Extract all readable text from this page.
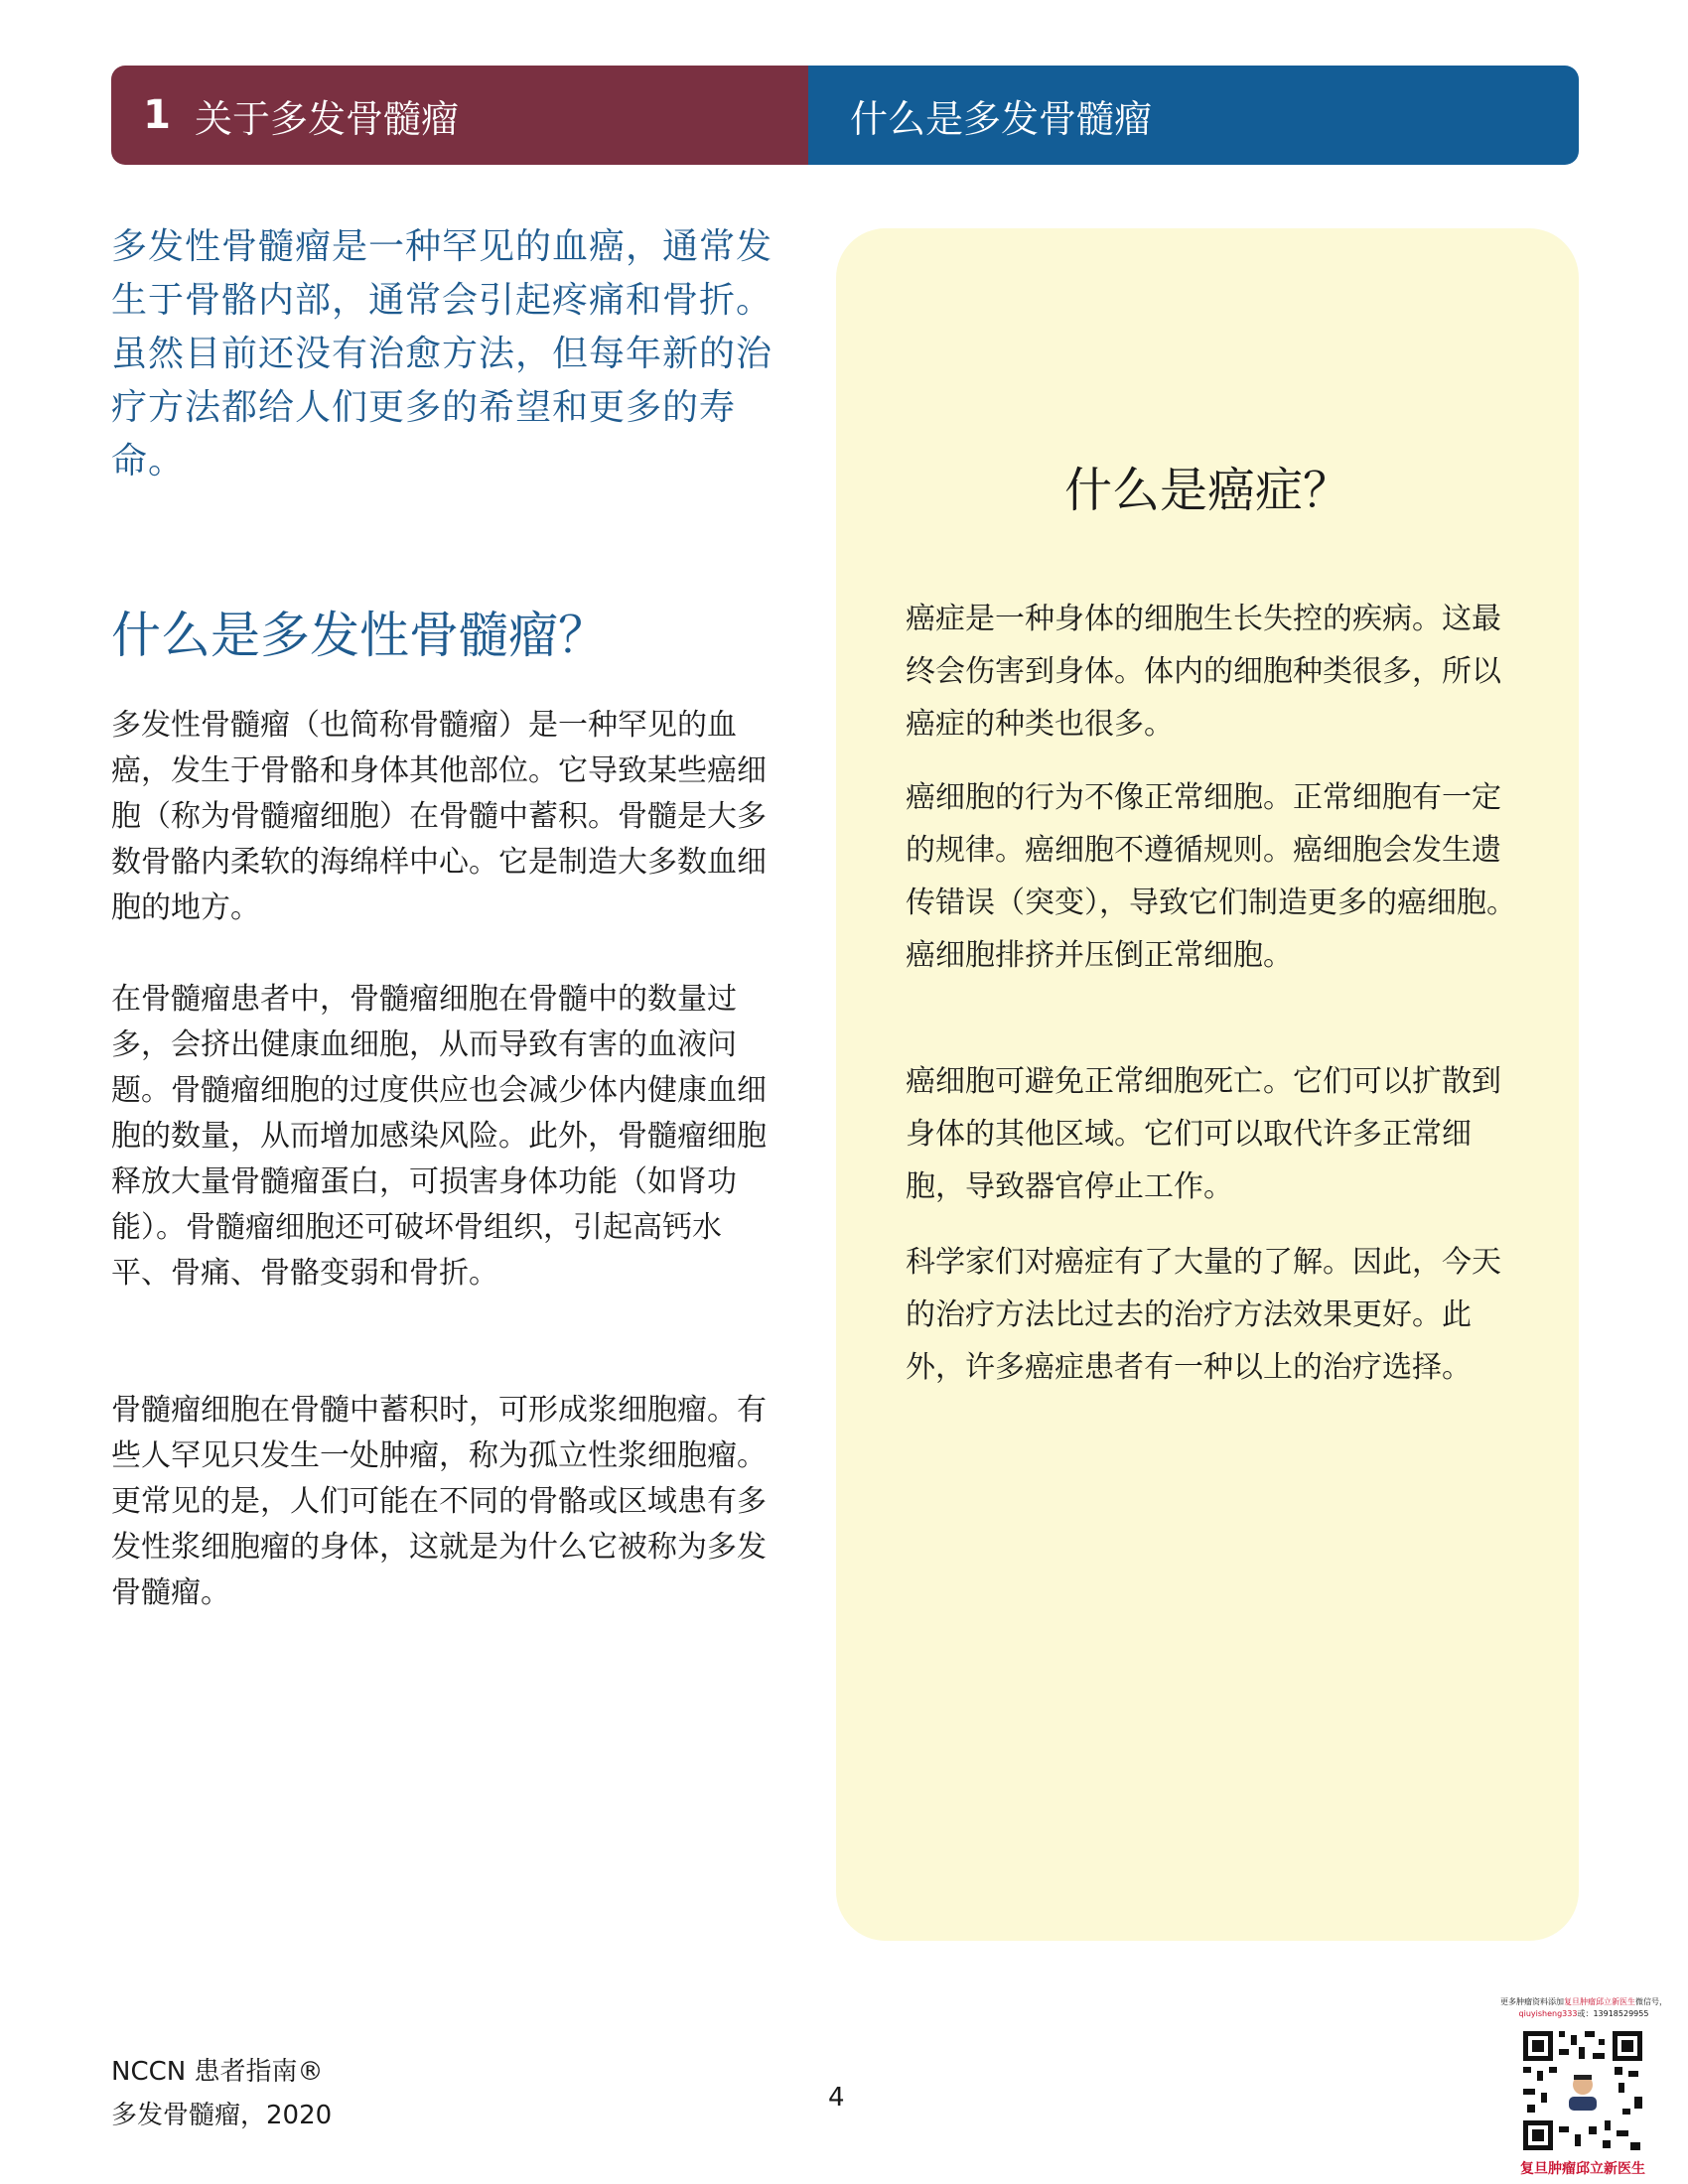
1 关于多发骨髓瘤	什么是多发骨髓瘤

多发性骨髓瘤是一种罕见的血癌，通常发生于骨骼内部，通常会引起疼痛和骨折。虽然目前还没有治愈方法，但每年新的治疗方法都给人们更多的希望和更多的寿命。

什么是多发性骨髓瘤？

多发性骨髓瘤（也简称骨髓瘤）是一种罕见的血癌，发生于骨骼和身体其他部位。它导致某些癌细胞（称为骨髓瘤细胞）在骨髓中蓄积。骨髓是大多数骨骼内柔软的海绵样中心。它是制造大多数血细胞的地方。

在骨髓瘤患者中，骨髓瘤细胞在骨髓中的数量过多，会挤出健康血细胞，从而导致有害的血液问题。骨髓瘤细胞的过度供应也会减少体内健康血细胞的数量，从而增加感染风险。此外，骨髓瘤细胞释放大量骨髓瘤蛋白，可损害身体功能（如肾功能）。骨髓瘤细胞还可破坏骨组织，引起高钙水平、骨痛、骨骼变弱和骨折。

骨髓瘤细胞在骨髓中蓄积时，可形成浆细胞瘤。有些人罕见只发生一处肿瘤，称为孤立性浆细胞瘤。更常见的是，人们可能在不同的骨骼或区域患有多发性浆细胞瘤的身体，这就是为什么它被称为多发骨髓瘤。

什么是癌症？

癌症是一种身体的细胞生长失控的疾病。这最终会伤害到身体。体内的细胞种类很多，所以癌症的种类也很多。

癌细胞的行为不像正常细胞。正常细胞有一定的规律。癌细胞不遵循规则。癌细胞会发生遗传错误（突变），导致它们制造更多的癌细胞。癌细胞排挤并压倒正常细胞。

癌细胞可避免正常细胞死亡。它们可以扩散到身体的其他区域。它们可以取代许多正常细胞，导致器官停止工作。

科学家们对癌症有了大量的了解。因此，今天的治疗方法比过去的治疗方法效果更好。此外，许多癌症患者有一种以上的治疗选择。

NCCN 患者指南®
多发骨髓瘤，2020
4
更多肿瘤资料添加复旦肿瘤邱立新医生微信号，
qiuyisheng333或：13918529955
复旦肿瘤邱立新医生
